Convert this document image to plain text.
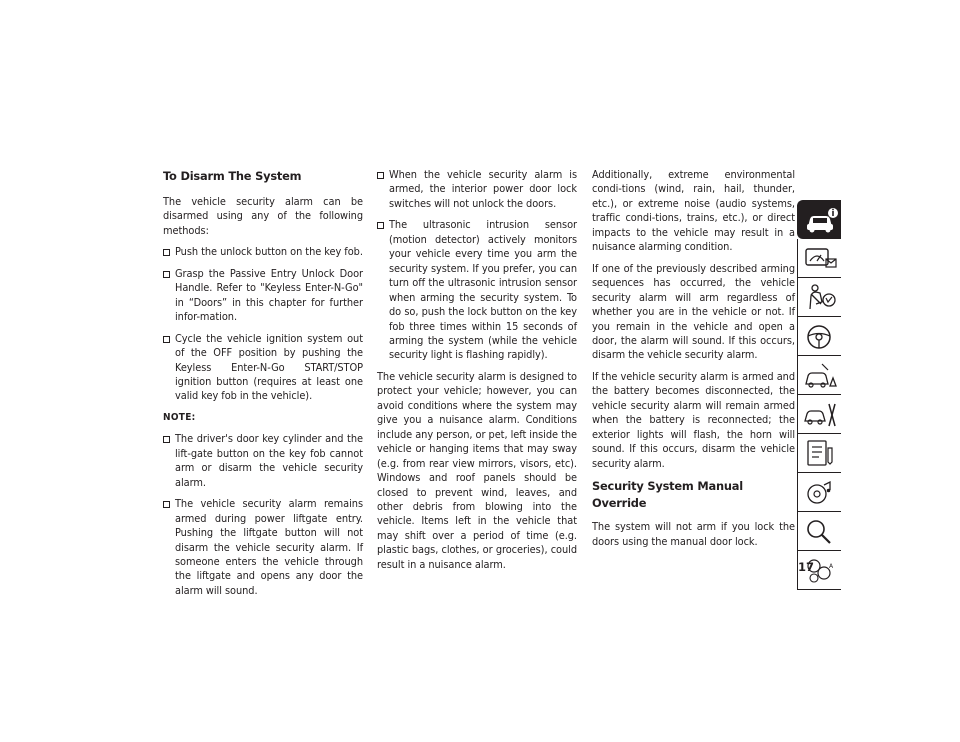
To Disarm The System

The vehicle security alarm can be disarmed using any of the following methods:

Push the unlock button on the key fob.
Grasp the Passive Entry Unlock Door Handle. Refer to "Keyless Enter-N-Go" in “Doors” in this chapter for further infor-mation.
Cycle the vehicle ignition system out of the OFF position by pushing the Keyless Enter-N-Go START/STOP ignition button (requires at least one valid key fob in the vehicle).
NOTE:
The driver's door key cylinder and the lift-gate button on the key fob cannot arm or disarm the vehicle security alarm.
The vehicle security alarm remains armed during power liftgate entry. Pushing the liftgate button will not disarm the vehicle security alarm. If someone enters the vehicle through the liftgate and opens any door the alarm will sound.
When the vehicle security alarm is armed, the interior power door lock switches will not unlock the doors.
The ultrasonic intrusion sensor (motion detector) actively monitors your vehicle every time you arm the security system. If you prefer, you can turn off the ultrasonic intrusion sensor when arming the security system. To do so, push the lock button on the key fob three times within 15 seconds of arming the system (while the vehicle security light is flashing rapidly).

The vehicle security alarm is designed to protect your vehicle; however, you can avoid conditions where the system may give you a nuisance alarm. Conditions include any person, or pet, left inside the vehicle or hanging items that may sway (e.g. from rear view mirrors, visors, etc). Windows and roof panels should be closed to prevent wind, leaves, and other debris from blowing into the vehicle. Items left in the vehicle that may shift over a period of time (e.g. plastic bags, clothes, or groceries), could result in a nuisance alarm.

Additionally, extreme environmental condi-tions (wind, rain, hail, thunder, etc.), or extreme noise (audio systems, traffic condi-tions, trains, etc.), or direct impacts to the vehicle may result in a nuisance alarming condition.

If one of the previously described arming sequences has occurred, the vehicle security alarm will arm regardless of whether you are in the vehicle or not. If you remain in the vehicle and open a door, the alarm will sound. If this occurs, disarm the vehicle security alarm.

If the vehicle security alarm is armed and the battery becomes disconnected, the vehicle security alarm will remain armed when the battery is reconnected; the exterior lights will flash, the horn will sound. If this occurs, disarm the vehicle security alarm.

Security System Manual Override

The system will not arm if you lock the doors using the manual door lock.

A
17
